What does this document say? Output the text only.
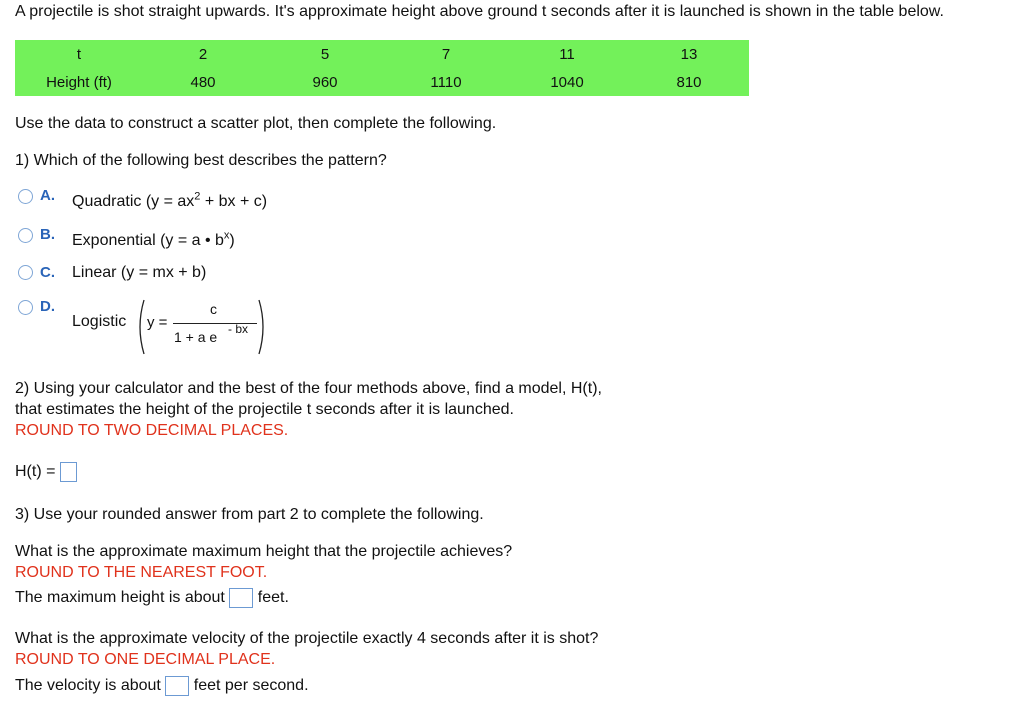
A projectile is shot straight upwards. It's approximate height above ground t seconds after it is launched is shown in the table below.
t	2	5	7	11	13
Height (ft)	480	960	1110	1040	810
Use the data to construct a scatter plot, then complete the following.
1) Which of the following best describes the pattern?
A. Quadratic ($y = ax^2$ + bx + c)
B. Exponential (y = a • $b^x$)
C. Linear (y = mx + b)
D.
Logistic y =
c
1 + a e - bx
2) Using your calculator and the best of the four methods above, find a model, H(t),
that estimates the height of the projectile t seconds after it is launched.
ROUND TO TWO DECIMAL PLACES.
H(t) =
3) Use your rounded answer from part 2 to complete the following.
What is the approximate maximum height that the projectile achieves?
ROUND TO THE NEAREST FOOT.
The maximum height is about feet.
What is the approximate velocity of the projectile exactly 4 seconds after it is shot?
ROUND TO ONE DECIMAL PLACE.
The velocity is about feet per second.
